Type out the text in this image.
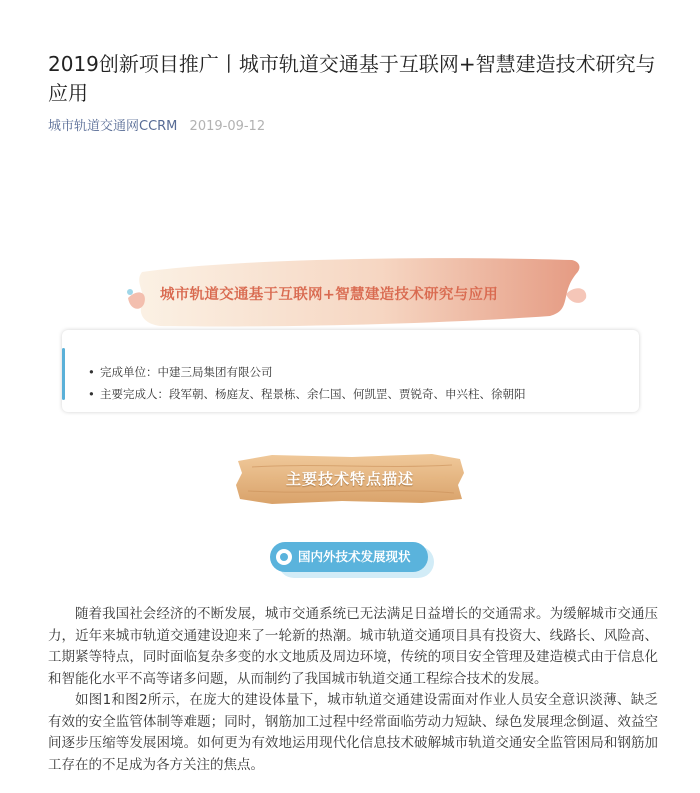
2019创新项目推广丨城市轨道交通基于互联网+智慧建造技术研究与应用
城市轨道交通网CCRM 2019-09-12
城市轨道交通基于互联网+智慧建造技术研究与应用
• 完成单位：中建三局集团有限公司
• 主要完成人：段军朝、杨庭友、程景栋、余仁国、何凯罡、贾锐奇、申兴柱、徐朝阳
主要技术特点描述
国内外技术发展现状

随着我国社会经济的不断发展，城市交通系统已无法满足日益增长的交通需求。为缓解城市交通压力，近年来城市轨道交通建设迎来了一轮新的热潮。城市轨道交通项目具有投资大、线路长、风险高、工期紧等特点，同时面临复杂多变的水文地质及周边环境，传统的项目安全管理及建造模式由于信息化和智能化水平不高等诸多问题，从而制约了我国城市轨道交通工程综合技术的发展。

如图1和图2所示，在庞大的建设体量下，城市轨道交通建设需面对作业人员安全意识淡薄、缺乏有效的安全监管体制等难题；同时，钢筋加工过程中经常面临劳动力短缺、绿色发展理念倒逼、效益空间逐步压缩等发展困境。如何更为有效地运用现代化信息技术破解城市轨道交通安全监管困局和钢筋加工存在的不足成为各方关注的焦点。
